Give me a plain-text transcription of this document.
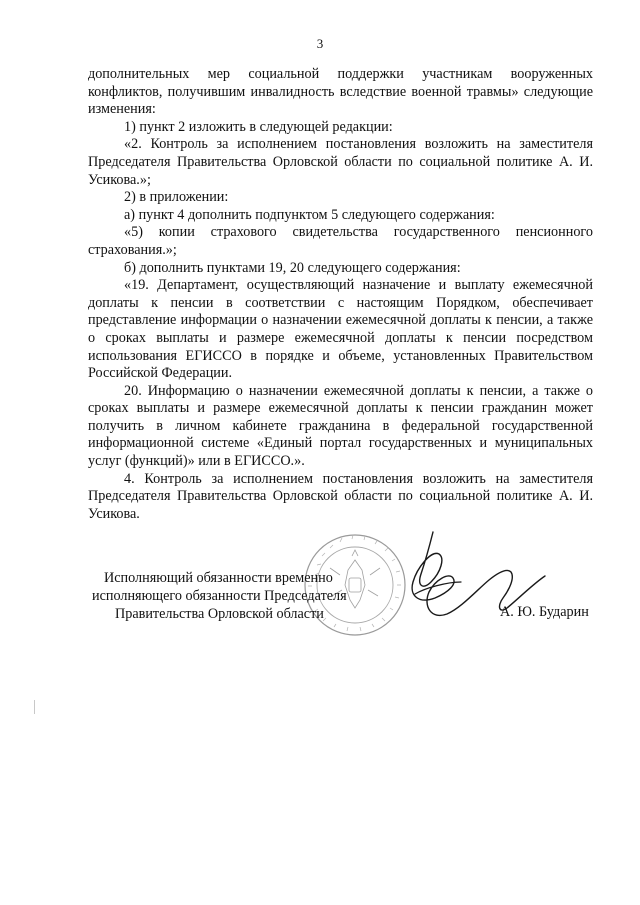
3

дополнительных мер социальной поддержки участникам вооруженных конфликтов, получившим инвалидность вследствие военной травмы» следующие изменения:

1) пункт 2 изложить в следующей редакции:

«2. Контроль за исполнением постановления возложить на заместителя Председателя Правительства Орловской области по социальной политике А. И. Усикова.»;

2) в приложении:

а) пункт 4 дополнить подпунктом 5 следующего содержания:

«5) копии страхового свидетельства государственного пенсионного страхования.»;

б) дополнить пунктами 19, 20 следующего содержания:

«19. Департамент, осуществляющий назначение и выплату ежемесячной доплаты к пенсии в соответствии с настоящим Порядком, обеспечивает представление информации о назначении ежемесячной доплаты к пенсии, а также о сроках выплаты и размере ежемесячной доплаты к пенсии посредством использования ЕГИССО в порядке и объеме, установленных Правительством Российской Федерации.

20. Информацию о назначении ежемесячной доплаты к пенсии, а также о сроках выплаты и размере ежемесячной доплаты к пенсии гражданин может получить в личном кабинете гражданина в федеральной государственной информационной системе «Единый портал государственных и муниципальных услуг (функций)» или в ЕГИССО.».

4. Контроль за исполнением постановления возложить на заместителя Председателя Правительства Орловской области по социальной политике А. И. Усикова.

Исполняющий обязанности временно
исполняющего обязанности Председателя
Правительства Орловской области	А. Ю. Бударин
